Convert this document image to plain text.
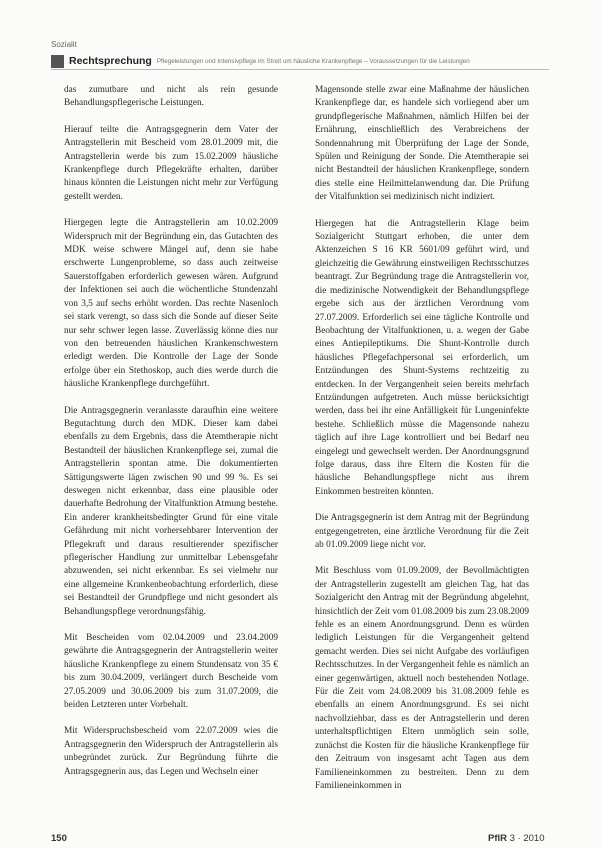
Sozialit
Rechtsprechung Pflegeleistungen und Intensivpflege im Streit um häusliche Krankenpflege – Voraussetzungen für die Leistungen

das zumutbare und nicht als rein gesunde Behandlungspflegerische Leistungen.

Hierauf teilte die Antragsgegnerin dem Vater der Antragstellerin mit Bescheid vom 28.01.2009 mit, die Antragstellerin werde bis zum 15.02.2009 häusliche Krankenpflege durch Pflegekräfte erhalten, darüber hinaus könnten die Leistungen nicht mehr zur Verfügung gestellt werden.

Hiergegen legte die Antragstellerin am 10.02.2009 Widerspruch mit der Begründung ein, das Gutachten des MDK weise schwere Mängel auf, denn sie habe erschwerte Lungenprobleme, so dass auch zeitweise Sauerstoffgaben erforderlich gewesen wären. Aufgrund der Infektionen sei auch die wöchentliche Stundenzahl von 3,5 auf sechs erhöht worden. Das rechte Nasenloch sei stark verengt, so dass sich die Sonde auf dieser Seite nur sehr schwer legen lasse. Zuverlässig könne dies nur von den betreuenden häuslichen Krankenschwestern erledigt werden. Die Kontrolle der Lage der Sonde erfolge über ein Stethoskop, auch dies werde durch die häusliche Krankenpflege durchgeführt.

Die Antragsgegnerin veranlasste daraufhin eine weitere Begutachtung durch den MDK. Dieser kam dabei ebenfalls zu dem Ergebnis, dass die Atemtherapie nicht Bestandteil der häuslichen Krankenpflege sei, zumal die Antragstellerin spontan atme. Die dokumentierten Sättigungswerte lägen zwischen 90 und 99 %. Es sei deswegen nicht erkennbar, dass eine plausible oder dauerhafte Bedrohung der Vitalfunktion Atmung bestehe. Ein anderer krankheitsbedingter Grund für eine vitale Gefährdung mit nicht vorhersehbarer Intervention der Pflegekraft und daraus resultierender spezifischer pflegerischer Handlung zur unmittelbar Lebensgefahr abzuwenden, sei nicht erkennbar. Es sei vielmehr nur eine allgemeine Krankenbeobachtung erforderlich, diese sei Bestandteil der Grundpflege und nicht gesondert als Behandlungspflege verordnungsfähig.

Mit Bescheiden vom 02.04.2009 und 23.04.2009 gewährte die Antragsgegnerin der Antragstellerin weiter häusliche Krankenpflege zu einem Stundensatz von 35 € bis zum 30.04.2009, verlängert durch Bescheide vom 27.05.2009 und 30.06.2009 bis zum 31.07.2009, die beiden Letzteren unter Vorbehalt.

Mit Widerspruchsbescheid vom 22.07.2009 wies die Antragsgegnerin den Widerspruch der Antragstellerin als unbegründet zurück. Zur Begründung führte die Antragsgegnerin aus, das Legen und Wechseln einer

Magensonde stelle zwar eine Maßnahme der häuslichen Krankenpflege dar, es handele sich vorliegend aber um grundpflegerische Maßnahmen, nämlich Hilfen bei der Ernährung, einschließlich des Verabreichens der Sondennahrung mit Überprüfung der Lage der Sonde, Spülen und Reinigung der Sonde. Die Atemtherapie sei nicht Bestandteil der häuslichen Krankenpflege, sondern dies stelle eine Heilmittelanwendung dar. Die Prüfung der Vitalfunktion sei medizinisch nicht indiziert.

Hiergegen hat die Antragstellerin Klage beim Sozialgericht Stuttgart erhoben, die unter dem Aktenzeichen S 16 KR 5601/09 geführt wird, und gleichzeitig die Gewährung einstweiligen Rechtsschutzes beantragt. Zur Begründung trage die Antragstellerin vor, die medizinische Notwendigkeit der Behandlungspflege ergebe sich aus der ärztlichen Verordnung vom 27.07.2009. Erforderlich sei eine tägliche Kontrolle und Beobachtung der Vitalfunktionen, u. a. wegen der Gabe eines Antiepileptikums. Die Shunt-Kontrolle durch häusliches Pflegefachpersonal sei erforderlich, um Entzündungen des Shunt-Systems rechtzeitig zu entdecken. In der Vergangenheit seien bereits mehrfach Entzündungen aufgetreten. Auch müsse berücksichtigt werden, dass bei ihr eine Anfälligkeit für Lungeninfekte bestehe. Schließlich müsse die Magensonde nahezu täglich auf ihre Lage kontrolliert und bei Bedarf neu eingelegt und gewechselt werden. Der Anordnungsgrund folge daraus, dass ihre Eltern die Kosten für die häusliche Behandlungspflege nicht aus ihrem Einkommen bestreiten könnten.

Die Antragsgegnerin ist dem Antrag mit der Begründung entgegengetreten, eine ärztliche Verordnung für die Zeit ab 01.09.2009 liege nicht vor.

Mit Beschluss vom 01.09.2009, der Bevollmächtigten der Antragstellerin zugestellt am gleichen Tag, hat das Sozialgericht den Antrag mit der Begründung abgelehnt, hinsichtlich der Zeit vom 01.08.2009 bis zum 23.08.2009 fehle es an einem Anordnungsgrund. Denn es würden lediglich Leistungen für die Vergangenheit geltend gemacht werden. Dies sei nicht Aufgabe des vorläufigen Rechtsschutzes. In der Vergangenheit fehle es nämlich an einer gegenwärtigen, aktuell noch bestehenden Notlage. Für die Zeit vom 24.08.2009 bis 31.08.2009 fehle es ebenfalls an einem Anordnungsgrund. Es sei nicht nachvollziehbar, dass es der Antragstellerin und deren unterhaltspflichtigen Eltern unmöglich sein solle, zunächst die Kosten für die häusliche Krankenpflege für den Zeitraum von insgesamt acht Tagen aus dem Familieneinkommen zu bestreiten. Denn zu dem Familieneinkommen in

150	PflR 3 · 2010
